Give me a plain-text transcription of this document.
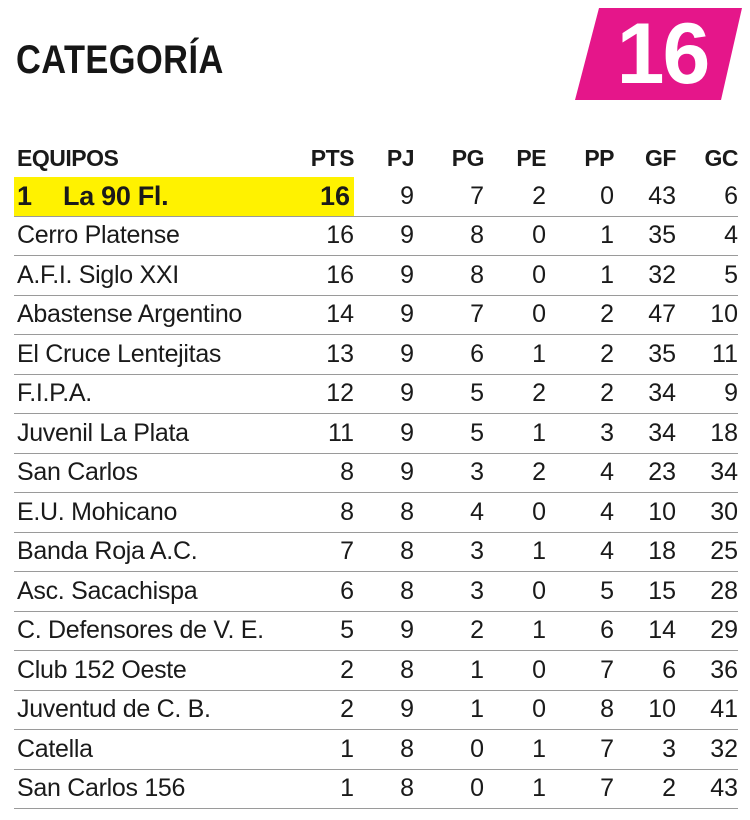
CATEGORÍA	16
EQUIPOS	PTS	PJ	PG	PE	PP	GF	GC
1 La 90 Fl.	16	9	7	2	0	43	6
Cerro Platense	16	9	8	0	1	35	4
A.F.I. Siglo XXI	16	9	8	0	1	32	5
Abastense Argentino	14	9	7	0	2	47	10
El Cruce Lentejitas	13	9	6	1	2	35	11
F.I.P.A.	12	9	5	2	2	34	9
Juvenil La Plata	11	9	5	1	3	34	18
San Carlos	8	9	3	2	4	23	34
E.U. Mohicano	8	8	4	0	4	10	30
Banda Roja A.C.	7	8	3	1	4	18	25
Asc. Sacachispa	6	8	3	0	5	15	28
C. Defensores de V. E.	5	9	2	1	6	14	29
Club 152 Oeste	2	8	1	0	7	6	36
Juventud de C. B.	2	9	1	0	8	10	41
Catella	1	8	0	1	7	3	32
San Carlos 156	1	8	0	1	7	2	43
